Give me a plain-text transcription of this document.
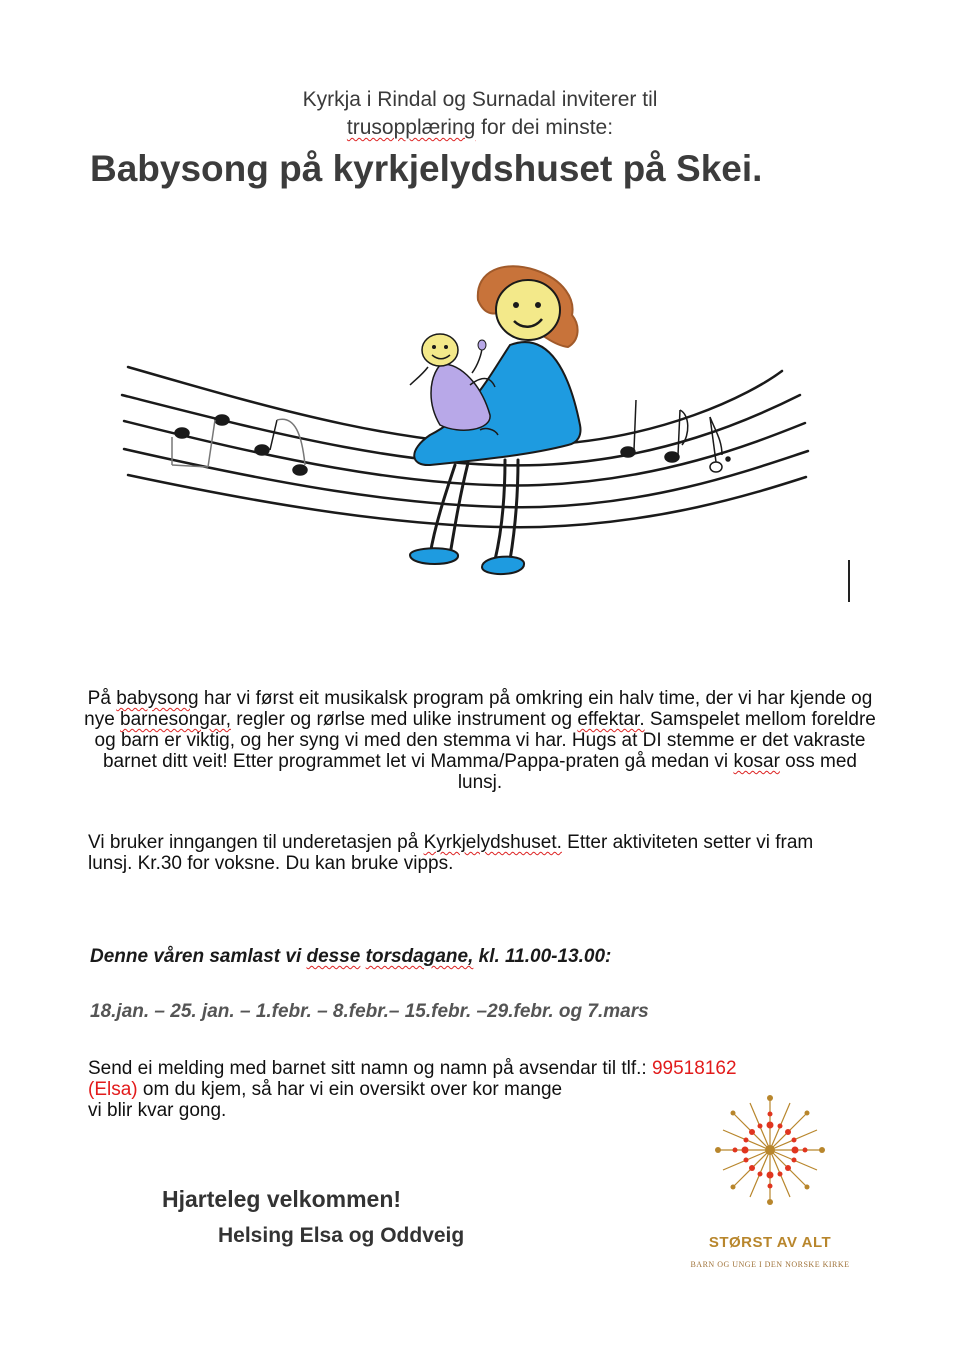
Kyrkja i Rindal og Surnadal inviterer til
trusopplæring for dei minste:
Babysong på kyrkjelydshuset på Skei.
På babysong har vi først eit musikalsk program på omkring ein halv time, der vi har kjende og nye barnesongar, regler og rørlse med ulike instrument og effektar. Samspelet mellom foreldre og barn er viktig, og her syng vi med den stemma vi har. Hugs at DI stemme er det vakraste barnet ditt veit! Etter programmet let vi Mamma/Pappa-praten gå medan vi kosar oss med lunsj.
Vi bruker inngangen til underetasjen på Kyrkjelydshuset. Etter aktiviteten setter vi fram lunsj. Kr.30 for voksne. Du kan bruke vipps.
Denne våren samlast vi desse torsdagane, kl. 11.00-13.00:
18.jan. – 25. jan. – 1.febr. – 8.febr.– 15.febr. –29.febr. og 7.mars
Send ei melding med barnet sitt namn og namn på avsendar til tlf.: 99518162
(Elsa) om du kjem, så har vi ein oversikt over kor mange
vi blir kvar gong.
Hjarteleg velkommen!
Helsing Elsa og Oddveig	STØRST AV ALT
BARN OG UNGE I DEN NORSKE KIRKE
